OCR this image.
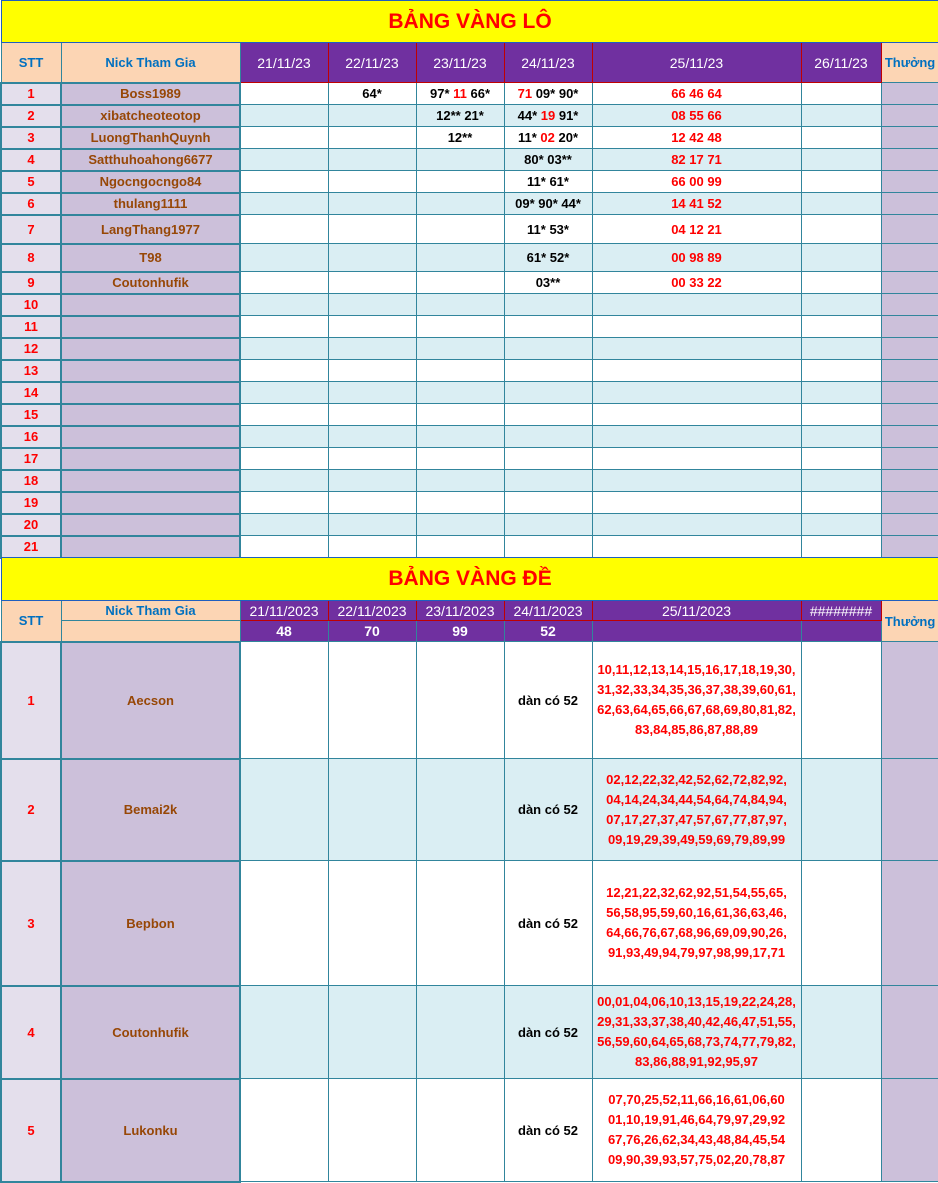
BẢNG VÀNG LÔ								
STT	Nick Tham Gia	21/11/23	22/11/23	23/11/23	24/11/23	25/11/23	26/11/23	Thưởng
1	Boss1989		64*	97* 11 66*	71 09* 90*	66 46 64		
2	xibatcheoteotop			12** 21*	44* 19 91*	08 55 66		
3	LuongThanhQuynh			12**	11* 02 20*	12 42 48		
4	Satthuhoahong6677				80* 03**	82 17 71		
5	Ngocngocngo84				11* 61*	66 00 99		
6	thulang1111				09* 90* 44*	14 41 52		
7	LangThang1977				11* 53*	04 12 21		
8	T98				61* 52*	00 98 89		
9	Coutonhufik				03**	00 33 22		
10								
11								
12								
13								
14								
15								
16								
17								
18								
19								
20								
21								
BẢNG VÀNG ĐỀ								
STT	Nick Tham Gia	21/11/2023	22/11/2023	23/11/2023	24/11/2023	25/11/2023	########	Thưởng
		48	70	99	52			
1	Aecson				dàn có 52	10,11,12,13,14,15,16,17,18,19,30,
31,32,33,34,35,36,37,38,39,60,61,
62,63,64,65,66,67,68,69,80,81,82,
83,84,85,86,87,88,89		

2	Bemai2k				dàn có 52	02,12,22,32,42,52,62,72,82,92,
04,14,24,34,44,54,64,74,84,94,
07,17,27,37,47,57,67,77,87,97,
09,19,29,39,49,59,69,79,89,99		

3	Bepbon				dàn có 52	12,21,22,32,62,92,51,54,55,65,
56,58,95,59,60,16,61,36,63,46,
64,66,76,67,68,96,69,09,90,26,
91,93,49,94,79,97,98,99,17,71		

4	Coutonhufik				dàn có 52	00,01,04,06,10,13,15,19,22,24,28,
29,31,33,37,38,40,42,46,47,51,55,
56,59,60,64,65,68,73,74,77,79,82,
83,86,88,91,92,95,97		

5	Lukonku				dàn có 52	07,70,25,52,11,66,16,61,06,60
01,10,19,91,46,64,79,97,29,92
67,76,26,62,34,43,48,84,45,54
09,90,39,93,57,75,02,20,78,87		
